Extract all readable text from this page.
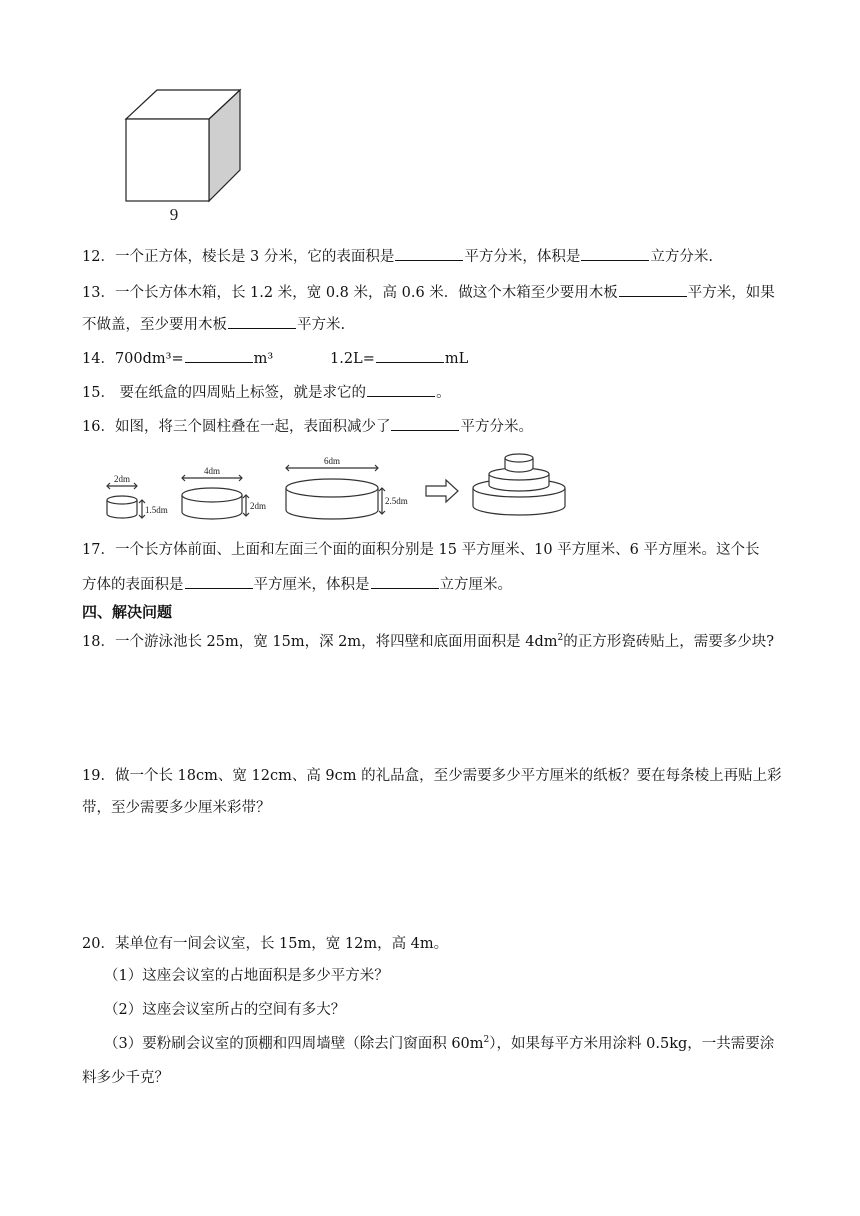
9
12．一个正方体，棱长是 3 分米，它的表面积是	平方分米，体积是	立方分米.
13．一个长方体木箱，长 1.2 米，宽 0.8 米，高 0.6 米．做这个木箱至少要用木板	平方米，如果
不做盖，至少要用木板	平方米.
14．700dm³=	m³	1.2L=	mL
15． 要在纸盒的四周贴上标签，就是求它的	。
16．如图，将三个圆柱叠在一起，表面积减少了	平方分米。
2dm
1.5dm
4dm
2dm
6dm
2.5dm
17．一个长方体前面、上面和左面三个面的面积分别是 15 平方厘米、10 平方厘米、6 平方厘米。这个长
方体的表面积是	平方厘米，体积是	立方厘米。
四、解决问题
18．一个游泳池长 25m，宽 15m，深 2m，将四壁和底面用面积是 $4dm^2$的正方形瓷砖贴上，需要多少块?
19．做一个长 18cm、宽 12cm、高 9cm 的礼品盒，至少需要多少平方厘米的纸板？要在每条棱上再贴上彩
带，至少需要多少厘米彩带？
20．某单位有一间会议室，长 15m，宽 12m，高 4m。
（1）这座会议室的占地面积是多少平方米？
（2）这座会议室所占的空间有多大？
（3）要粉刷会议室的顶棚和四周墙壁（除去门窗面积 $60m^2$），如果每平方米用涂料 0.5kg，一共需要涂
料多少千克？
